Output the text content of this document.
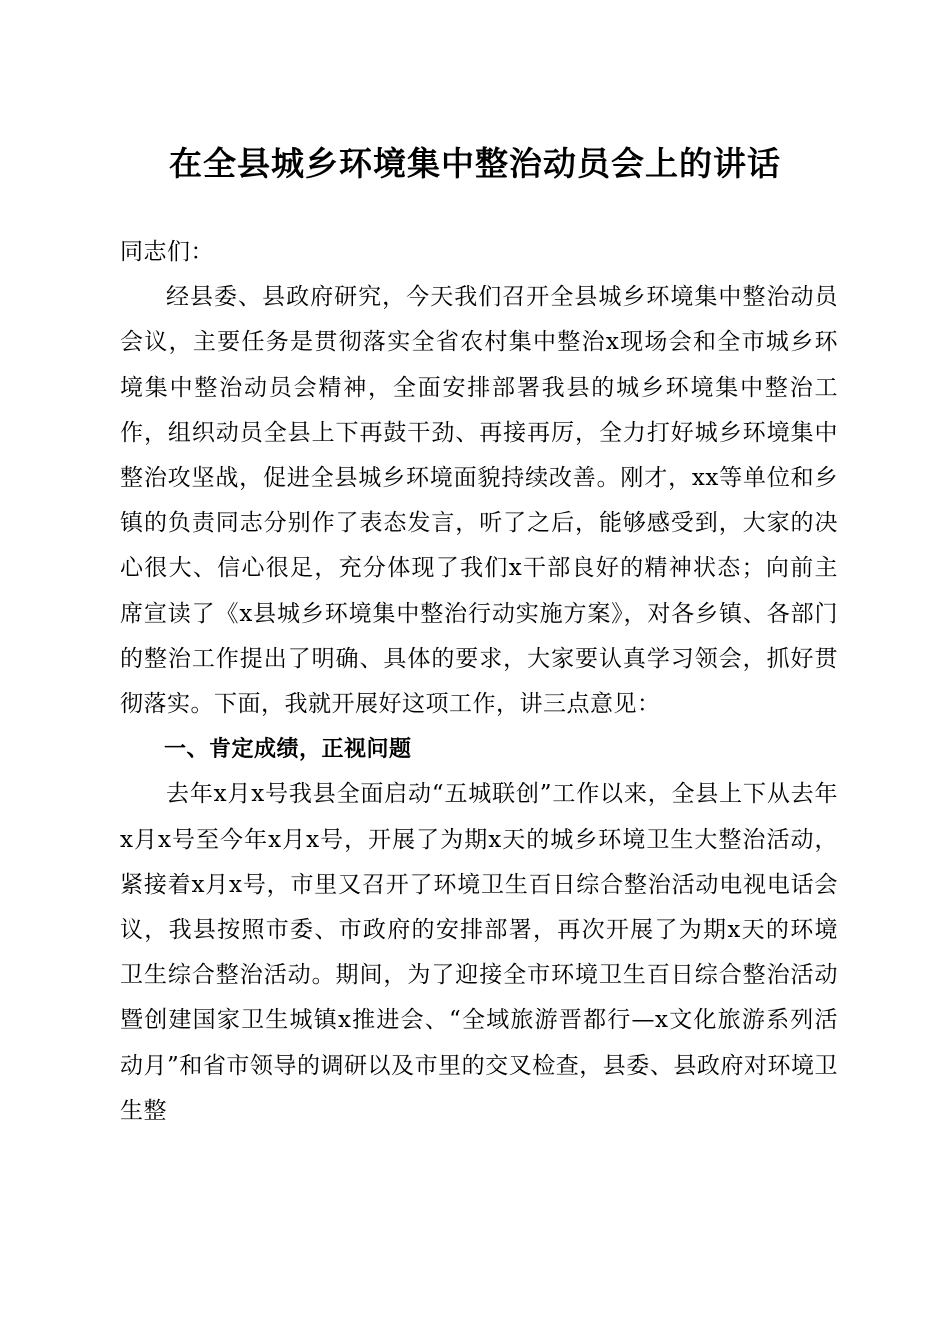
在全县城乡环境集中整治动员会上的讲话

同志们：

经县委、县政府研究，今天我们召开全县城乡环境集中整治动员会议，主要任务是贯彻落实全省农村集中整治x现场会和全市城乡环境集中整治动员会精神，全面安排部署我县的城乡环境集中整治工作，组织动员全县上下再鼓干劲、再接再厉，全力打好城乡环境集中整治攻坚战，促进全县城乡环境面貌持续改善。刚才，xx等单位和乡镇的负责同志分别作了表态发言，听了之后，能够感受到，大家的决心很大、信心很足，充分体现了我们x干部良好的精神状态；向前主席宣读了《x县城乡环境集中整治行动实施方案》，对各乡镇、各部门的整治工作提出了明确、具体的要求，大家要认真学习领会，抓好贯彻落实。下面，我就开展好这项工作，讲三点意见：

一、肯定成绩，正视问题

去年x月x号我县全面启动“五城联创”工作以来，全县上下从去年x月x号至今年x月x号，开展了为期x天的城乡环境卫生大整治活动，紧接着x月x号，市里又召开了环境卫生百日综合整治活动电视电话会议，我县按照市委、市政府的安排部署，再次开展了为期x天的环境卫生综合整治活动。期间，为了迎接全市环境卫生百日综合整治活动暨创建国家卫生城镇x推进会、“全域旅游晋都行—x文化旅游系列活动月”和省市领导的调研以及市里的交叉检查，县委、县政府对环境卫生整
